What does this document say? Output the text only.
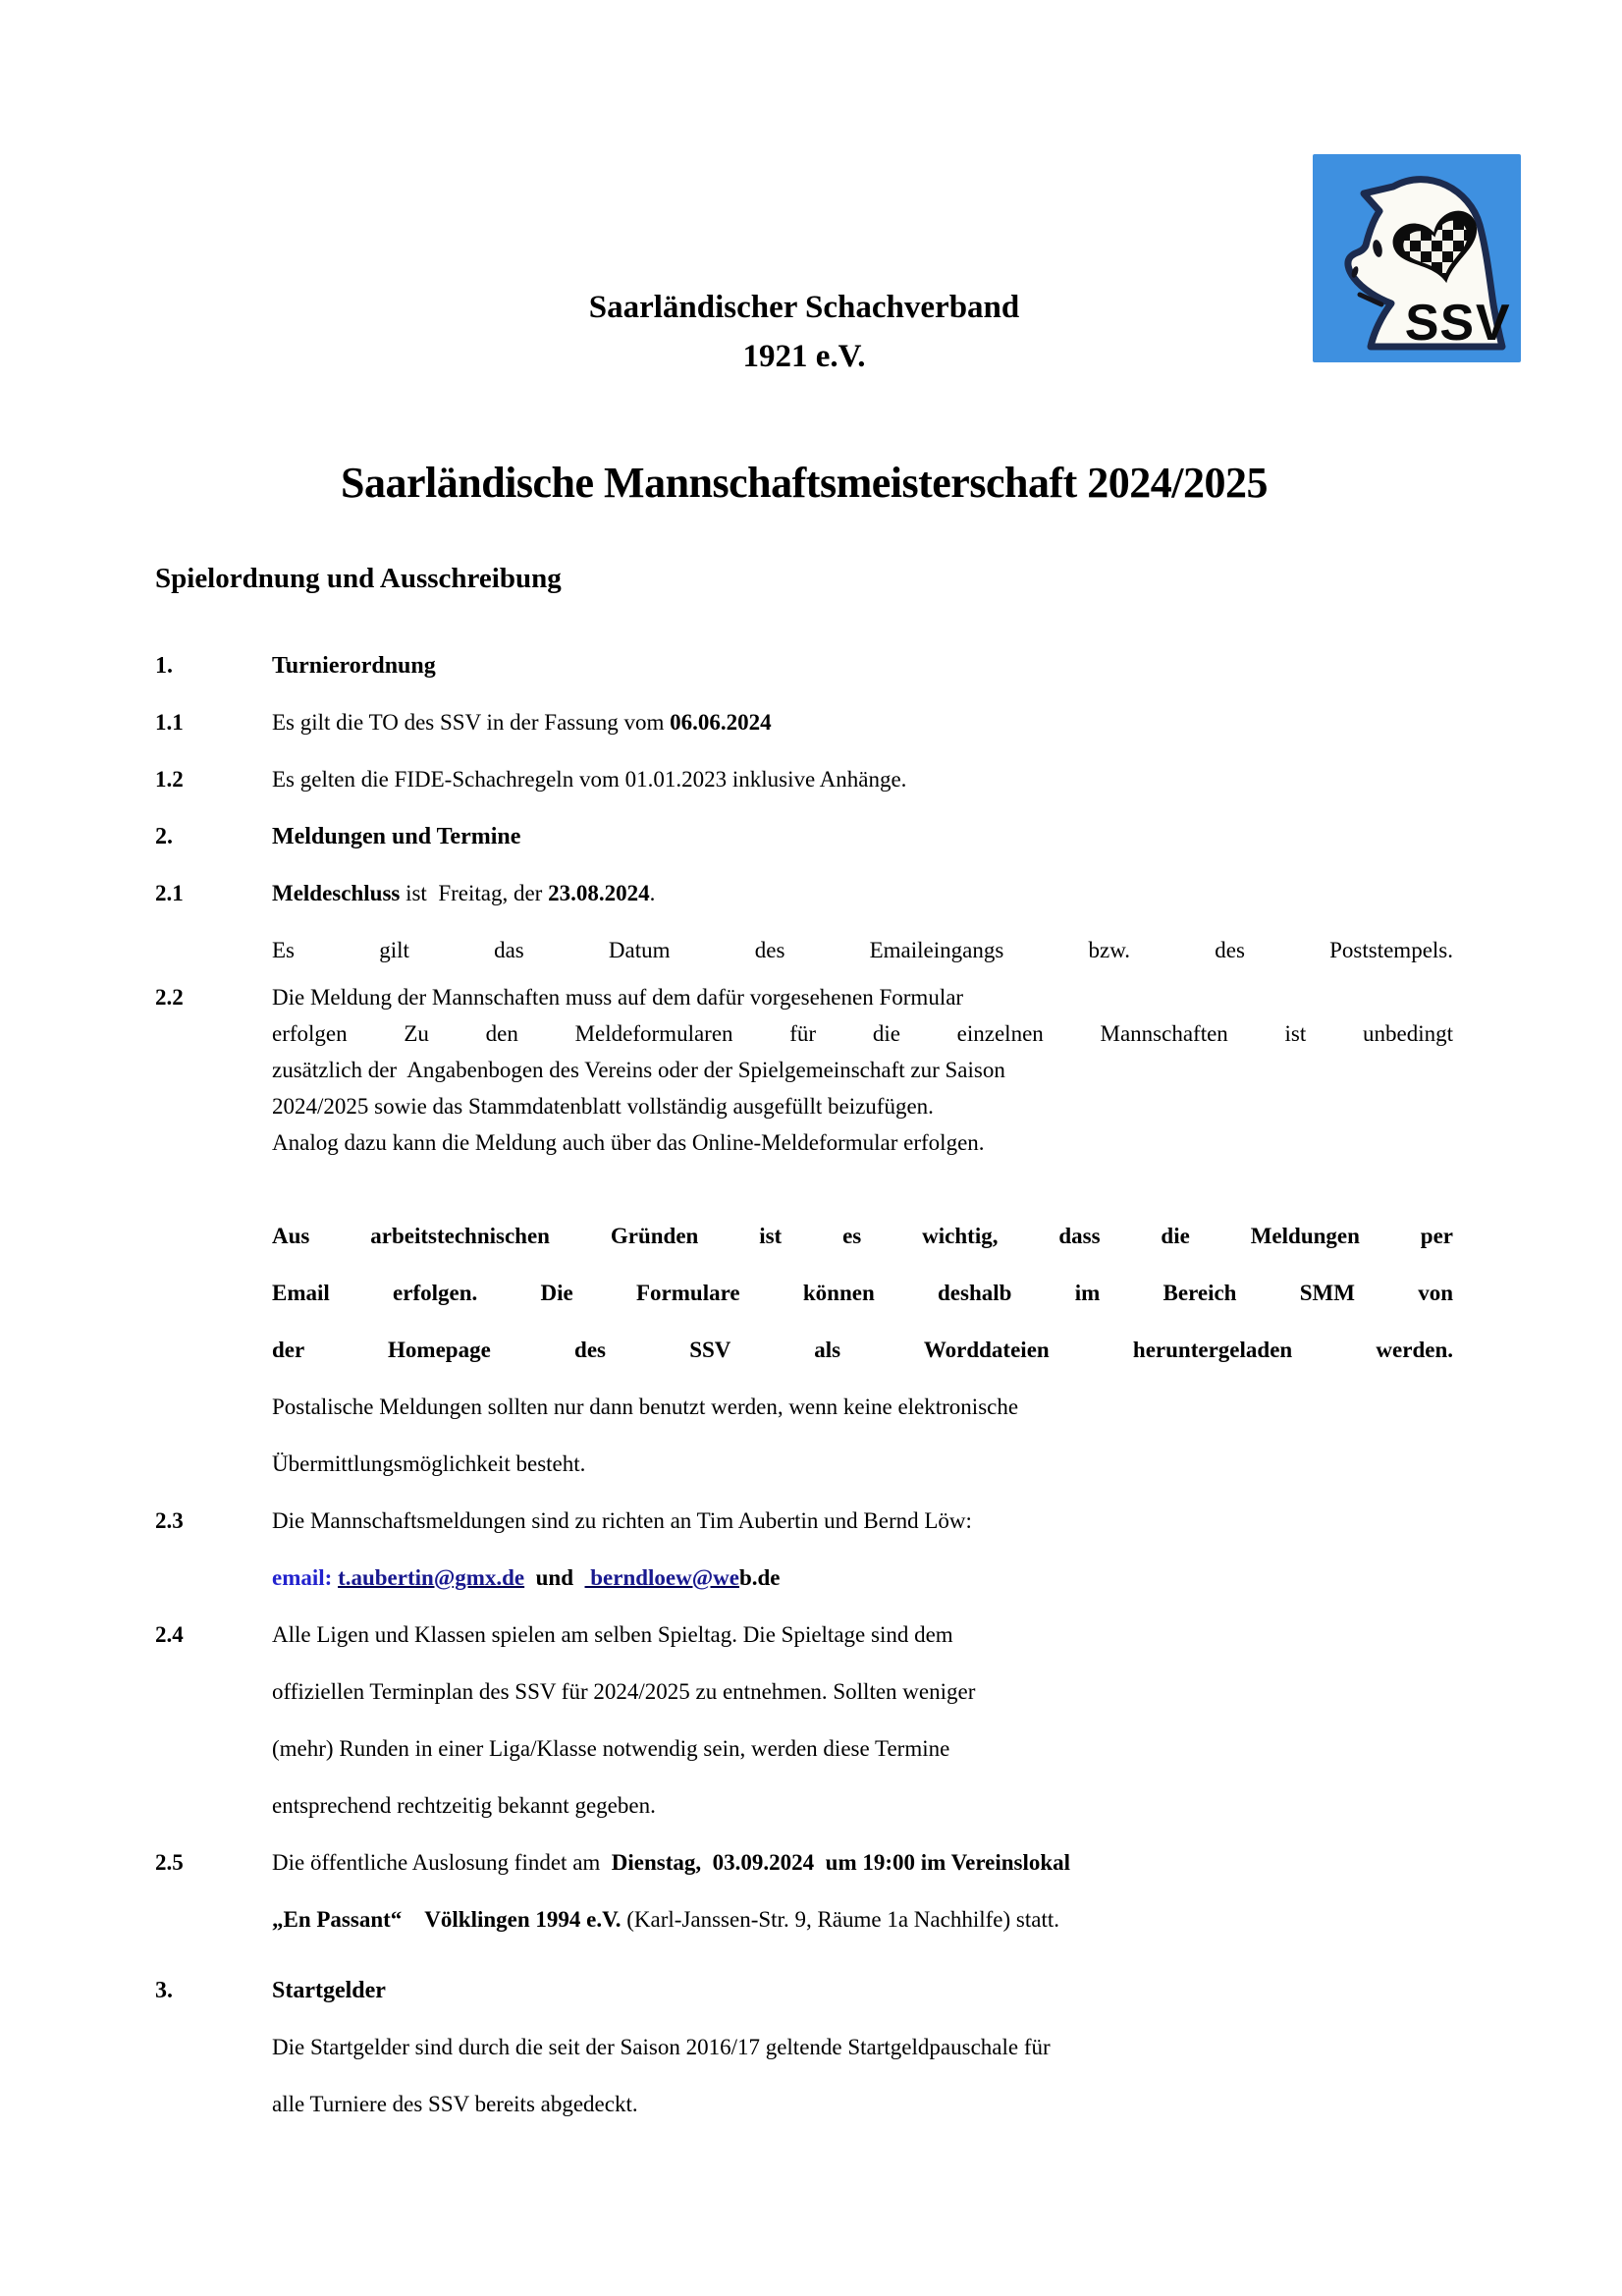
SSV
Saarländischer Schachverband
1921 e.V.
Saarländische Mannschaftsmeisterschaft 2024/2025
Spielordnung und Ausschreibung
1.	Turnierordnung
1.1	Es gilt die TO des SSV in der Fassung vom 06.06.2024
1.2	Es gelten die FIDE-Schachregeln vom 01.01.2023 inklusive Anhänge.
2.	Meldungen und Termine
2.1	Meldeschluss ist  Freitag, der 23.08.2024.
Es gilt das Datum des Emaileingangs bzw. des Poststempels.
2.2	Die Meldung der Mannschaften muss auf dem dafür vorgesehenen Formular
erfolgen Zu den Meldeformularen für die einzelnen Mannschaften ist unbedingt
zusätzlich der  Angabenbogen des Vereins oder der Spielgemeinschaft zur Saison
2024/2025 sowie das Stammdatenblatt vollständig ausgefüllt beizufügen.
Analog dazu kann die Meldung auch über das Online-Meldeformular erfolgen.
Aus arbeitstechnischen Gründen ist es wichtig, dass die Meldungen per
Email erfolgen. Die Formulare können deshalb im Bereich SMM von
der Homepage des SSV als Worddateien heruntergeladen werden.
Postalische Meldungen sollten nur dann benutzt werden, wenn keine elektronische
Übermittlungsmöglichkeit besteht.
2.3	Die Mannschaftsmeldungen sind zu richten an Tim Aubertin und Bernd Löw:
email: t.aubertin@gmx.de  und   berndloew@web.de
2.4	Alle Ligen und Klassen spielen am selben Spieltag. Die Spieltage sind dem
offiziellen Terminplan des SSV für 2024/2025 zu entnehmen. Sollten weniger
(mehr) Runden in einer Liga/Klasse notwendig sein, werden diese Termine
entsprechend rechtzeitig bekannt gegeben.
2.5	Die öffentliche Auslosung findet am  Dienstag,  03.09.2024  um 19:00 im Vereinslokal
„En Passant“ Völklingen 1994 e.V. (Karl-Janssen-Str. 9, Räume 1a Nachhilfe) statt.
3.	Startgelder
Die Startgelder sind durch die seit der Saison 2016/17 geltende Startgeldpauschale für
alle Turniere des SSV bereits abgedeckt.
